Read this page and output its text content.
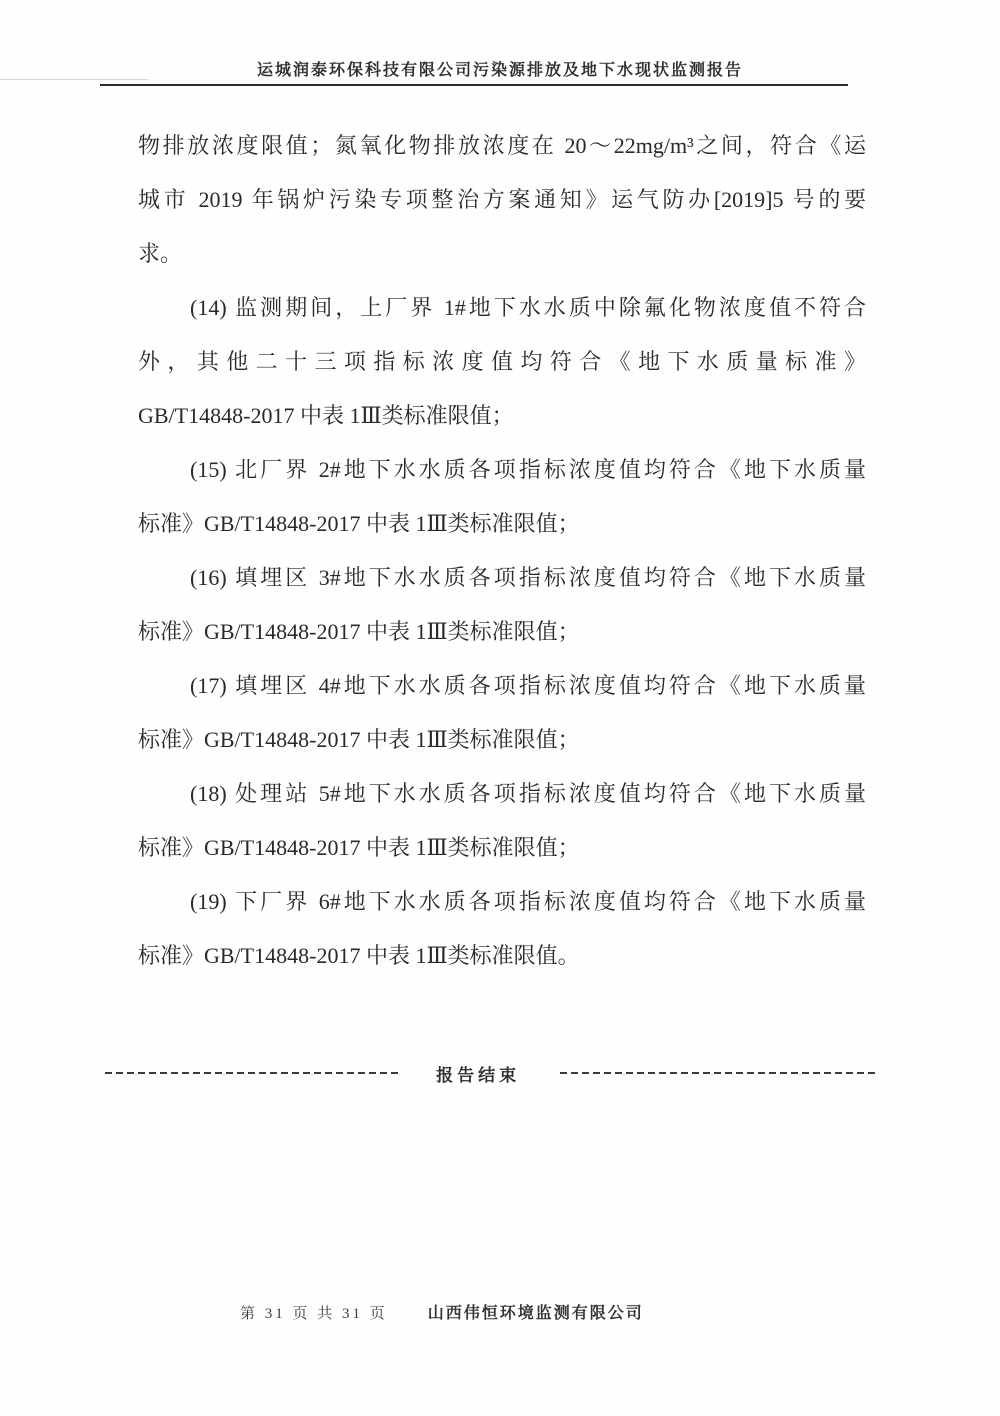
运城润泰环保科技有限公司污染源排放及地下水现状监测报告
物排放浓度限值；氮氧化物排放浓度在 20～22mg/m³之间，符合《运
城市 2019 年锅炉污染专项整治方案通知》运气防办[2019]5 号的要
求。
(14) 监测期间，上厂界 1#地下水水质中除氟化物浓度值不符合
外，其他二十三项指标浓度值均符合《地下水质量标准》
GB/T14848-2017 中表 1Ⅲ类标准限值；
(15) 北厂界 2#地下水水质各项指标浓度值均符合《地下水质量
标准》GB/T14848-2017 中表 1Ⅲ类标准限值；
(16) 填埋区 3#地下水水质各项指标浓度值均符合《地下水质量
标准》GB/T14848-2017 中表 1Ⅲ类标准限值；
(17) 填埋区 4#地下水水质各项指标浓度值均符合《地下水质量
标准》GB/T14848-2017 中表 1Ⅲ类标准限值；
(18) 处理站 5#地下水水质各项指标浓度值均符合《地下水质量
标准》GB/T14848-2017 中表 1Ⅲ类标准限值；
(19) 下厂界 6#地下水水质各项指标浓度值均符合《地下水质量
标准》GB/T14848-2017 中表 1Ⅲ类标准限值。
报告结束
第 31 页 共 31 页	山西伟恒环境监测有限公司
